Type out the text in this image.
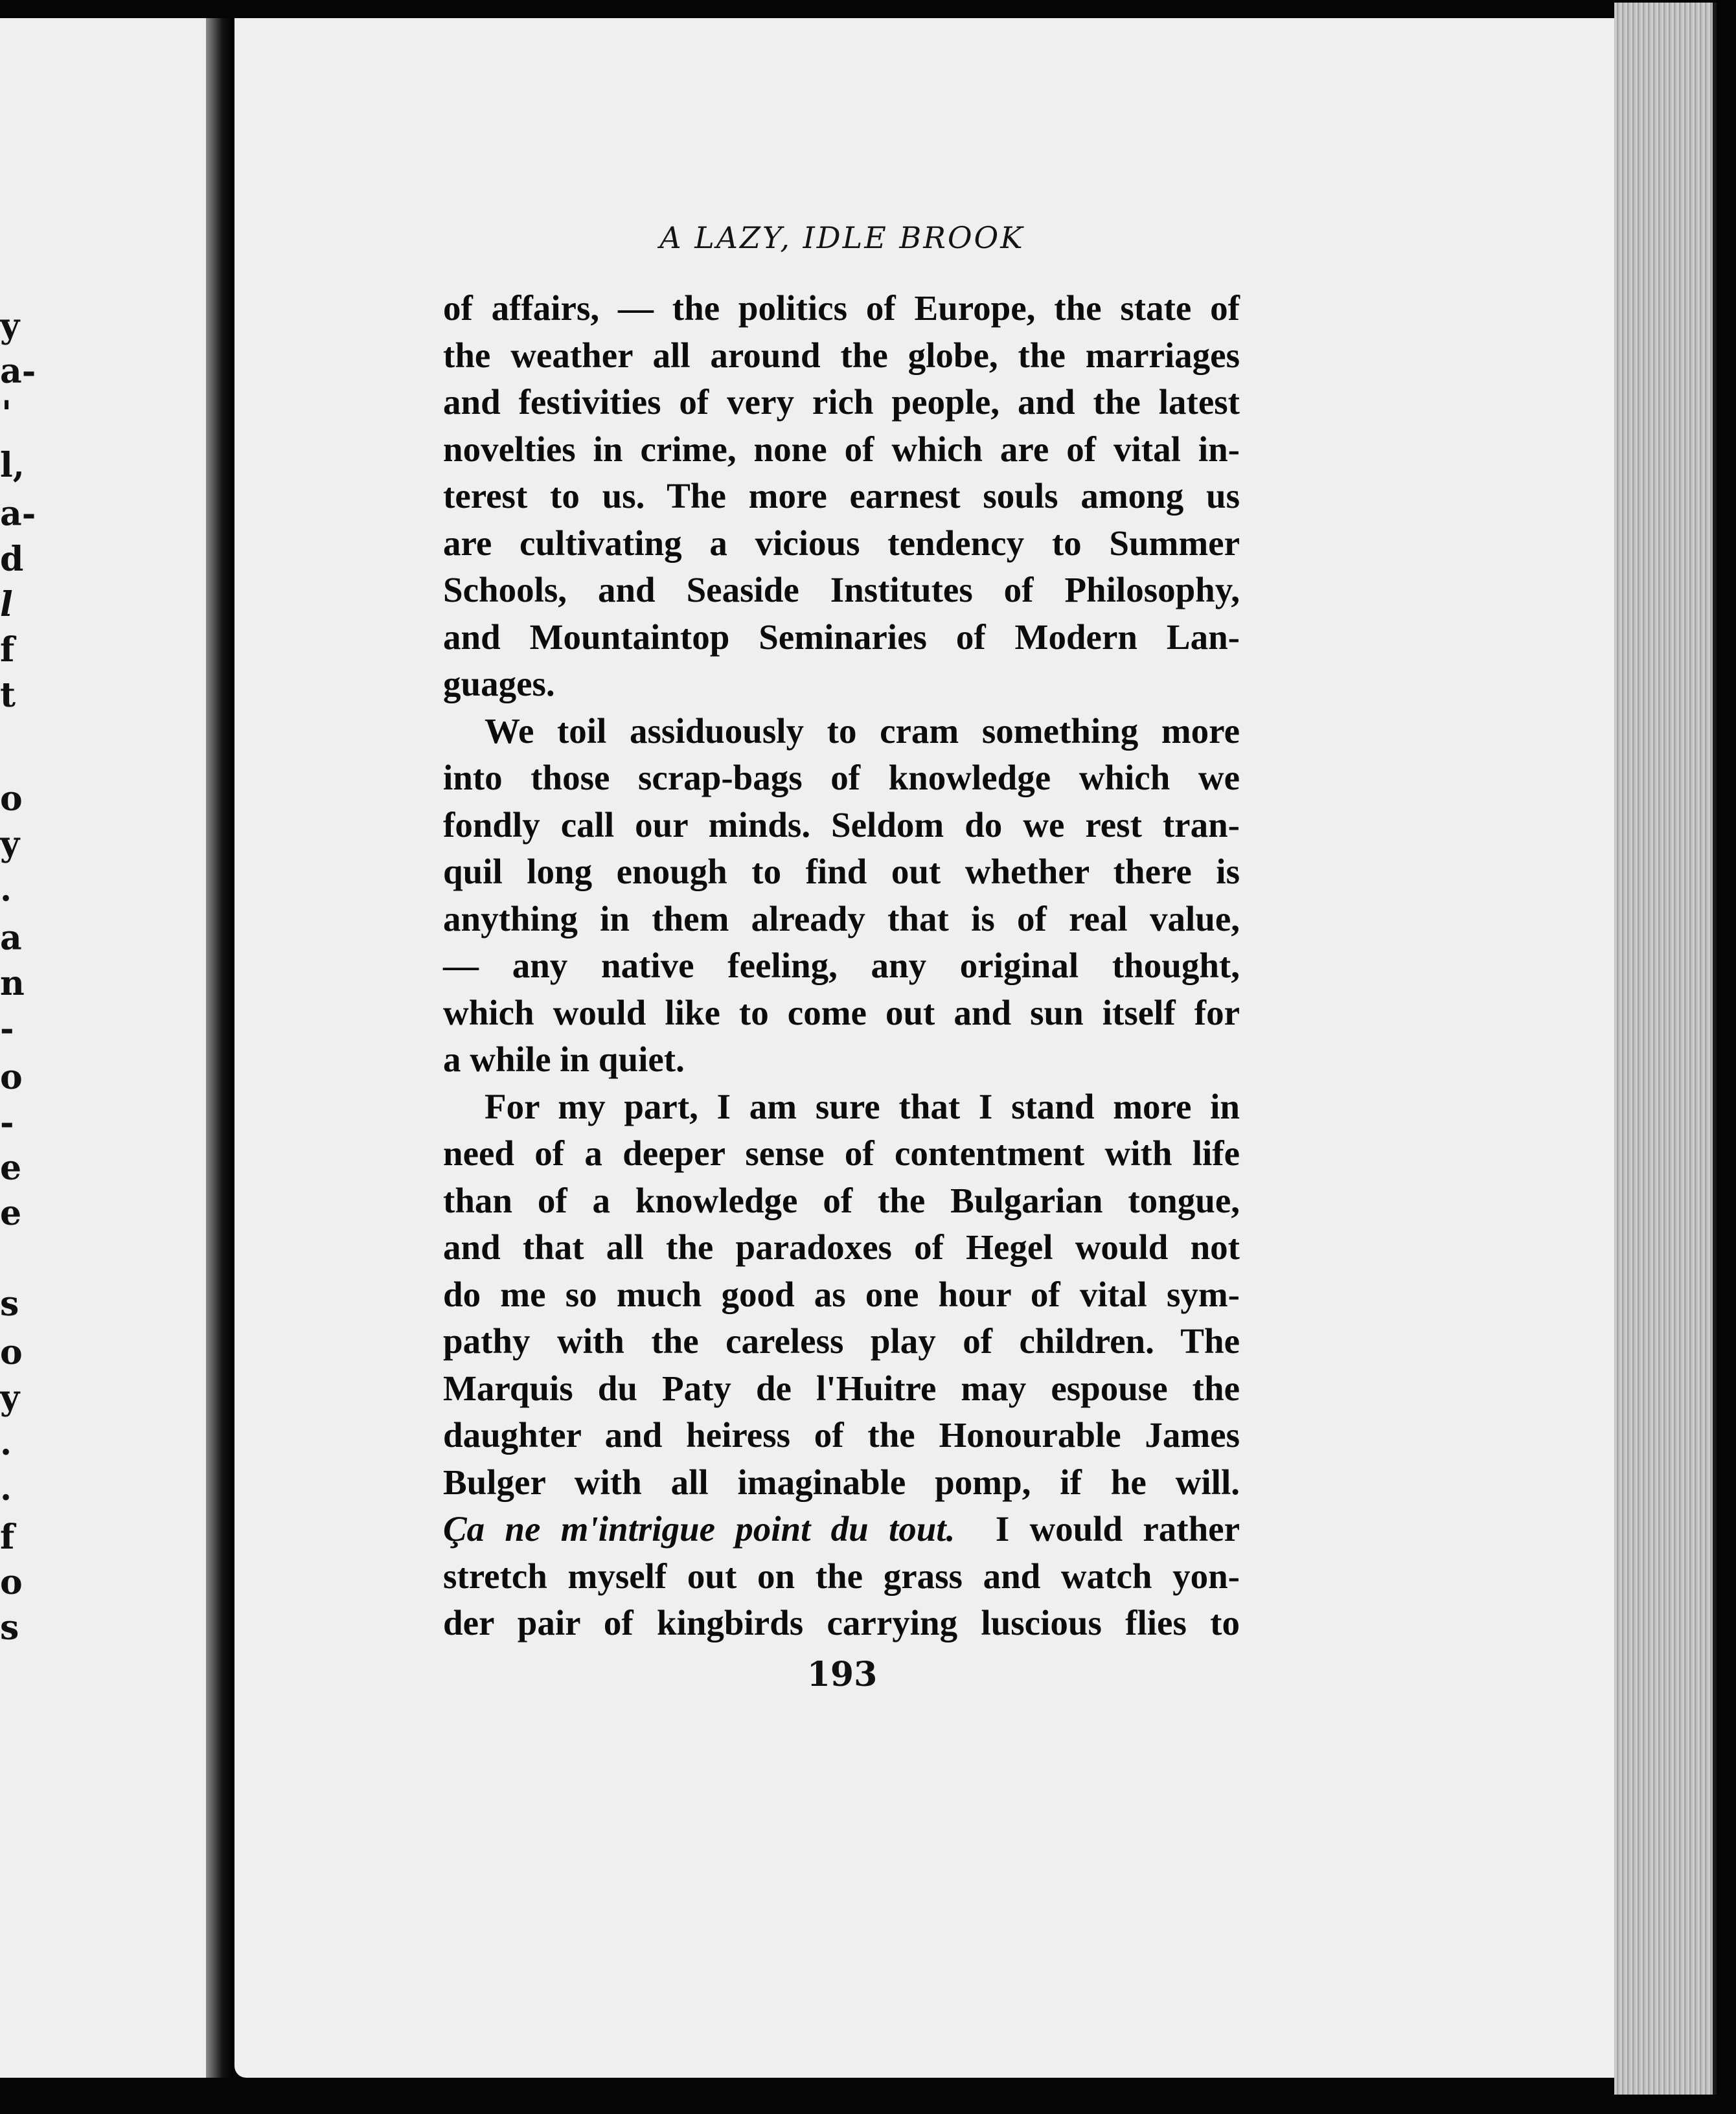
y
a-
'
l,
a-
d
l
f
t
o
y
.
a
n
-
o
-
e
e
s
o
y
.
.
f
o
s
A LAZY, IDLE BROOK
of affairs, — the politics of Europe, the state of
the weather all around the globe, the marriages
and festivities of very rich people, and the latest
novelties in crime, none of which are of vital in-
terest to us. The more earnest souls among us
are cultivating a vicious tendency to Summer
Schools, and Seaside Institutes of Philosophy,
and Mountaintop Seminaries of Modern Lan-
guages.
We toil assiduously to cram something more
into those scrap-bags of knowledge which we
fondly call our minds. Seldom do we rest tran-
quil long enough to find out whether there is
anything in them already that is of real value,
— any native feeling, any original thought,
which would like to come out and sun itself for
a while in quiet.
For my part, I am sure that I stand more in
need of a deeper sense of contentment with life
than of a knowledge of the Bulgarian tongue,
and that all the paradoxes of Hegel would not
do me so much good as one hour of vital sym-
pathy with the careless play of children. The
Marquis du Paty de l'Huitre may espouse the
daughter and heiress of the Honourable James
Bulger with all imaginable pomp, if he will.
Ça ne m'intrigue point du tout. I would rather
stretch myself out on the grass and watch yon-
der pair of kingbirds carrying luscious flies to
193
